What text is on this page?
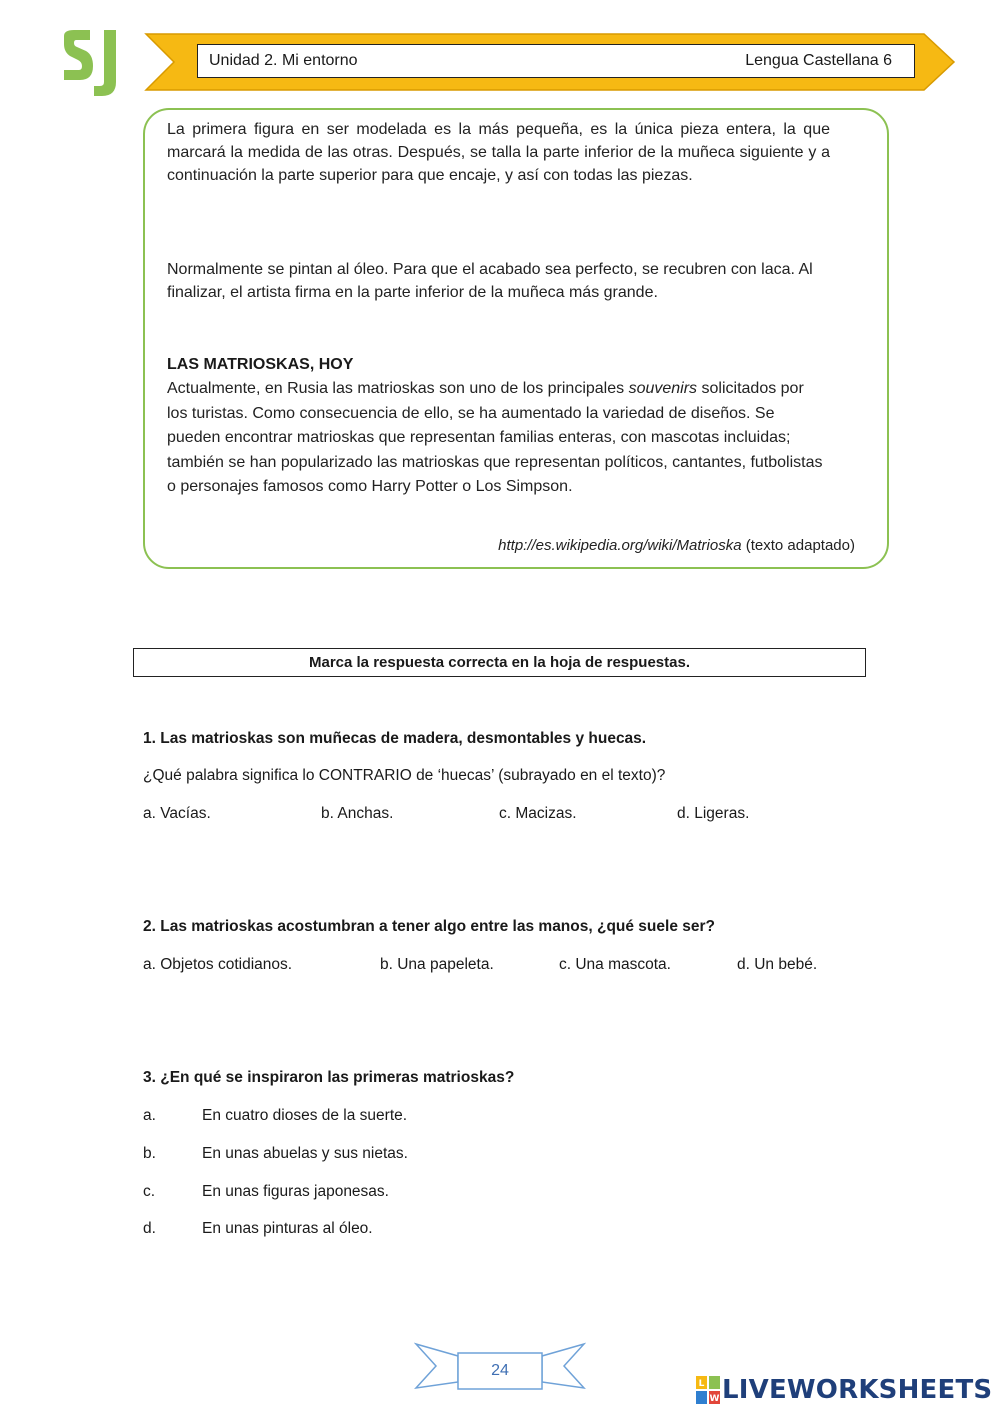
Unidad 2. Mi entorno	Lengua Castellana 6
La primera figura en ser modelada es la más pequeña, es la única pieza entera, la que marcará la medida de las otras. Después, se talla la parte inferior de la muñeca siguiente y a continuación la parte superior para que encaje, y así con todas las piezas.
Normalmente se pintan al óleo. Para que el acabado sea perfecto, se recubren con laca. Al finalizar, el artista firma en la parte inferior de la muñeca más grande.
LAS MATRIOSKAS, HOY
Actualmente, en Rusia las matrioskas son uno de los principales souvenirs solicitados por los turistas. Como consecuencia de ello, se ha aumentado la variedad de diseños. Se pueden encontrar matrioskas que representan familias enteras, con mascotas incluidas; también se han popularizado las matrioskas que representan políticos, cantantes, futbolistas o personajes famosos como Harry Potter o Los Simpson.
http://es.wikipedia.org/wiki/Matrioska (texto adaptado)
Marca la respuesta correcta en la hoja de respuestas.
1. Las matrioskas son muñecas de madera, desmontables y huecas.
¿Qué palabra significa lo CONTRARIO de ‘huecas’ (subrayado en el texto)?
a. Vacías.	b. Anchas.	c. Macizas.	d. Ligeras.
2. Las matrioskas acostumbran a tener algo entre las manos, ¿qué suele ser?
a. Objetos cotidianos.	b. Una papeleta.	c. Una mascota.	d. Un bebé.
3. ¿En qué se inspiraron las primeras matrioskas?
a.	En cuatro dioses de la suerte.
b.	En unas abuelas y sus nietas.
c.	En unas figuras japonesas.
d.	En unas pinturas al óleo.
24
L
W LIVEWORKSHEETS
